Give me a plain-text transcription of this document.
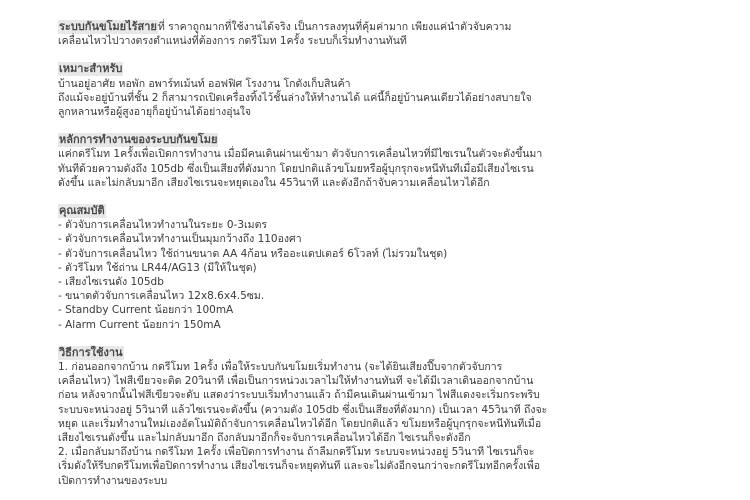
ระบบกันขโมยไร้สายที่ ราคาถูกมากที่ใช้งานได้จริง เป็นการลงทุนที่คุ้มค่ามาก เพียงแค่นำตัวจับความ
เคลื่อนไหวไปวางตรงตำแหน่งที่ต้องการ กดรีโมท 1ครั้ง ระบบก็เริ่มทำงานทันที
เหมาะสำหรับ
บ้านอยู่อาศัย หอพัก อพาร์ทเม้นท์ ออฟฟิศ โรงงาน โกดังเก็บสินค้า
ถึงแม้จะอยู่บ้านที่ชั้น 2 ก็สามารถเปิดเครื่องทิ้งไว้ชั้นล่างให้ทำงานได้ แค่นี้ก็อยู่บ้านคนเดียวได้อย่างสบายใจ
ลูกหลานหรือผู้สูงอายุก็อยู่บ้านได้อย่างอุ่นใจ
หลักการทำงานของระบบกันขโมย
แค่กดรีโมท 1ครั้งเพื่อเปิดการทำงาน เมื่อมีคนเดินผ่านเข้ามา ตัวจับการเคลื่อนไหวที่มีไซเรนในตัวจะดังขึ้นมา
ทันทีด้วยความดังถึง 105db ซึ่งเป็นเสียงที่ดังมาก โดยปกติแล้วขโมยหรือผู้บุกรุกจะหนีทันทีเมื่อมีเสียงไซเรน
ดังขึ้น และไม่กลับมาอีก เสียงไซเรนจะหยุดเองใน 45วินาที และดังอีกถ้าจับความเคลื่อนไหวได้อีก
คุณสมบัติ
- ตัวจับการเคลื่อนไหวทำงานในระยะ 0-3เมตร
- ตัวจับการเคลื่อนไหวทำงานเป็นมุมกว้างถึง 110องศา
- ตัวจับการเคลื่อนไหว ใช้ถ่านขนาด AA 4ก้อน หรืออะแดปเตอร์ 6โวลท์ (ไม่รวมในชุด)
- ตัวรีโมท ใช้ถ่าน LR44/AG13 (มีให้ในชุด)
- เสียงไซเรนดัง 105db
- ขนาดตัวจับการเคลื่อนไหว 12x8.6x4.5ซม.
- Standby Current น้อยกว่า 100mA
- Alarm Current น้อยกว่า 150mA
วิธีการใช้งาน
1. ก่อนออกจากบ้าน กดรีโมท 1ครั้ง เพื่อให้ระบบกันขโมยเริ่มทำงาน (จะได้ยินเสียงปี๊บจากตัวจับการ
เคลื่อนไหว) ไฟสีเขียวจะติด 20วินาที เพื่อเป็นการหน่วงเวลาไม่ให้ทำงานทันที จะได้มีเวลาเดินออกจากบ้าน
ก่อน หลังจากนั้นไฟสีเขียวจะดับ แสดงว่าระบบเริ่มทำงานแล้ว ถ้ามีคนเดินผ่านเข้ามา ไฟสีแดงจะเริ่มกระพริบ
ระบบจะหน่วงอยู่ 5วินาที แล้วไซเรนจะดังขึ้น (ความดัง 105db ซึ่งเป็นเสียงที่ดังมาก) เป็นเวลา 45วินาที ถึงจะ
หยุด และเริ่มทำงานใหม่เองอัตโนมัติถ้าจับการเคลื่อนไหวได้อีก โดยปกติแล้ว ขโมยหรือผู้บุกรุกจะหนีทันทีเมื่อ
เสียงไซเรนดังขึ้น และไม่กลับมาอีก ถึงกลับมาอีกก็จะจับการเคลื่อนไหวได้อีก ไซเรนก็จะดังอีก
2. เมื่อกลับมาถึงบ้าน กดรีโมท 1ครั้ง เพื่อปิดการทำงาน ถ้าลืมกดรีโมท ระบบจะหน่วงอยู่ 5วินาที ไซเรนก็จะ
เริ่มดังให้รีบกดรีโมทเพื่อปิดการทำงาน เสียงไซเรนก็จะหยุดทันที และจะไม่ดังอีกจนกว่าจะกดรีโมทอีกครั้งเพื่อ
เปิดการทำงานของระบบ
